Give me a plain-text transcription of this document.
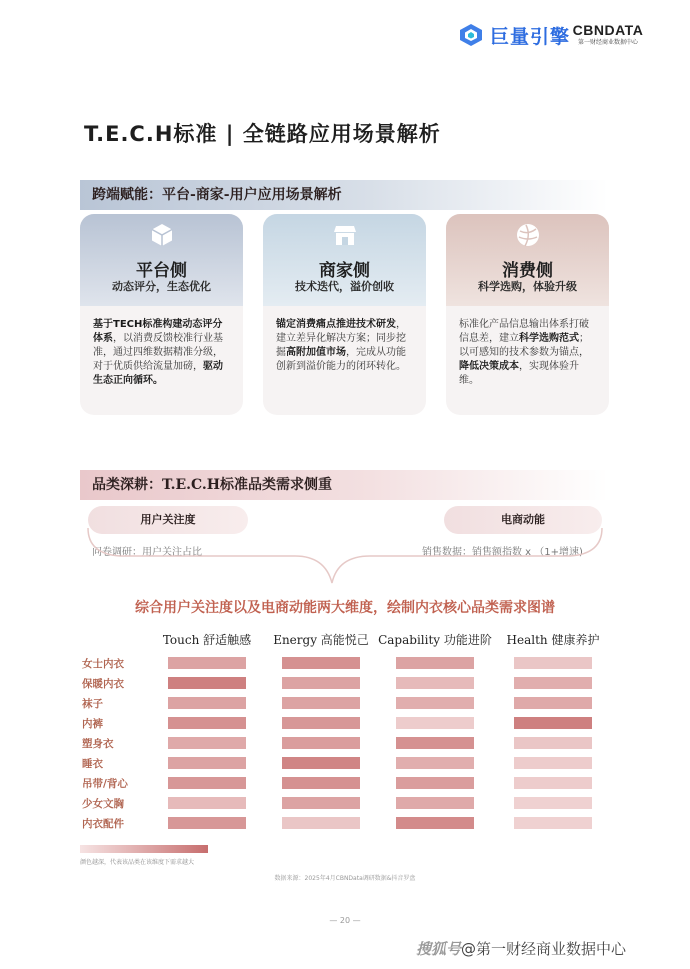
巨量引擎 CBNDATA
第一财经商业数据中心
T.E.C.H标准 | 全链路应用场景解析
跨端赋能：平台-商家-用户应用场景解析
平台侧
动态评分，生态优化
基于TECH标准构建动态评分体系，以消费反馈校准行业基准，通过四维数据精准分级，对于优质供给流量加磅，驱动生态正向循环。
商家侧
技术迭代，溢价创收
锚定消费痛点推进技术研发，建立差异化解决方案；同步挖掘高附加值市场，完成从功能创新到溢价能力的闭环转化。
消费侧
科学选购，体验升级
标准化产品信息输出体系打破信息差，建立科学选购范式；以可感知的技术参数为锚点，降低决策成本，实现体验升维。
品类深耕：T.E.C.H标准品类需求侧重
用户关注度
问卷调研：用户关注占比
电商动能
销售数据：销售额指数 x （1+增速)
综合用户关注度以及电商动能两大维度，绘制内衣核心品类需求图谱
Touch 舒适触感	Energy 高能悦己 Capability 功能进阶	Health 健康养护
女士内衣
保暖内衣
袜子
内裤
塑身衣
睡衣
吊带/背心
少女文胸
内衣配件
颜色越深，代表该品类在该维度下需求越大
数据来源：2025年4月CBNData调研数据&抖音罗盘
— 20 —
搜狐号@第一财经商业数据中心
